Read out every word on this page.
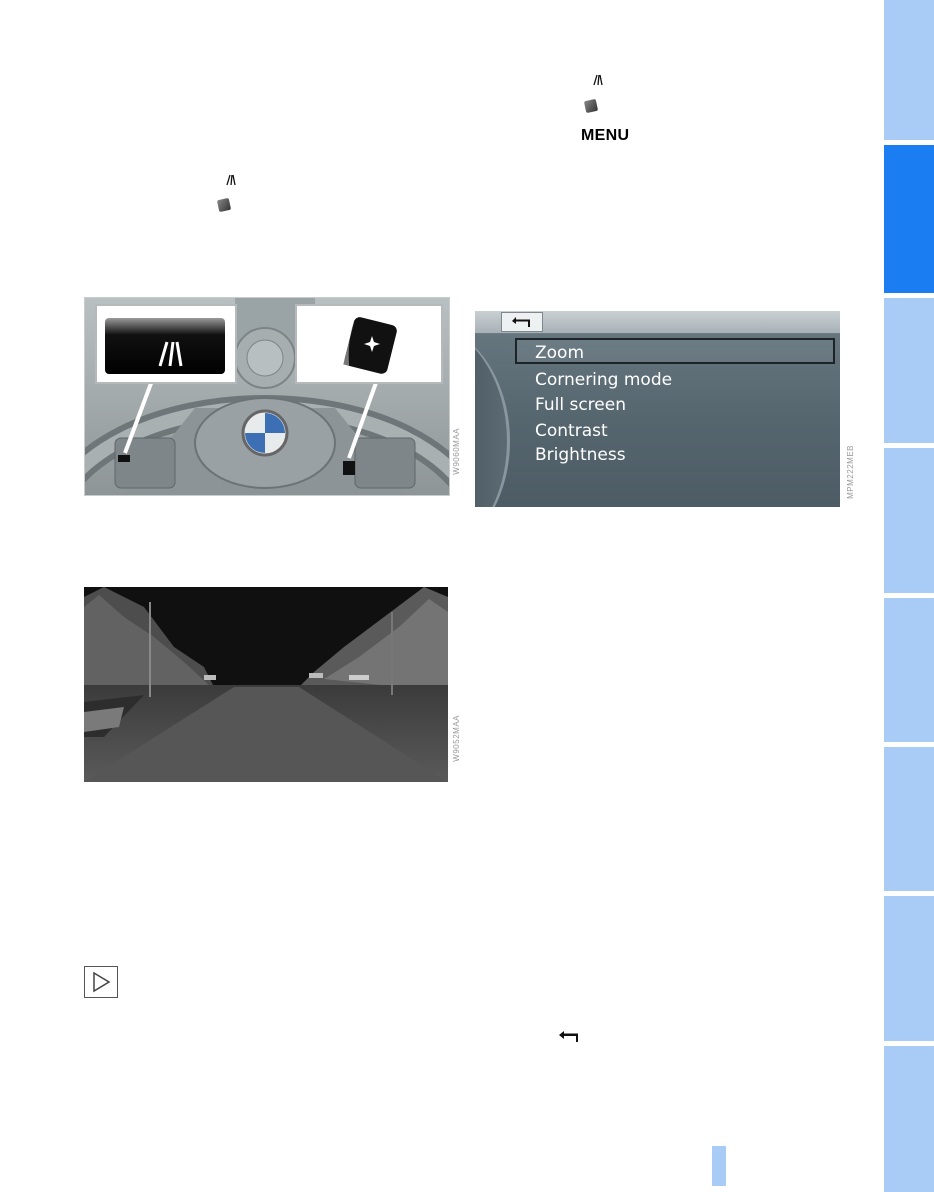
MENU
W9060MAA
Zoom
Cornering mode
Full screen
Contrast
Brightness	MPM222MEB
W9052MAA
